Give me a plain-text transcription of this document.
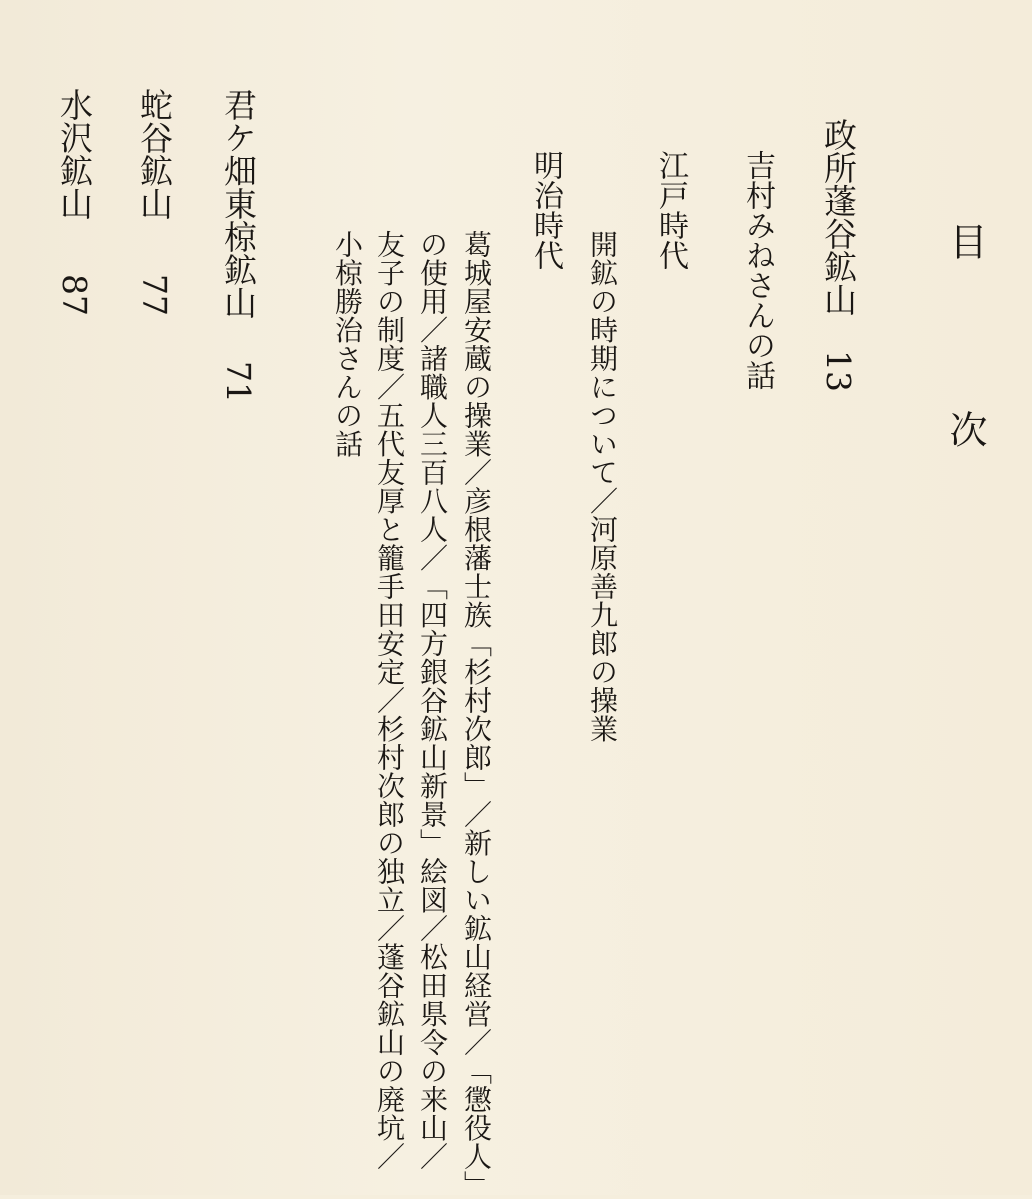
目次
政所蓬谷鉱山13
吉村みねさんの話
江戸時代
開鉱の時期について／河原善九郎の操業
明治時代
葛城屋安蔵の操業／彦根藩士族「杉村次郎」／新しい鉱山経営／「懲役人」
の使用／諸職人三百八人／「四方銀谷鉱山新景」絵図／松田県令の来山／
友子の制度／五代友厚と籠手田安定／杉村次郎の独立／蓬谷鉱山の廃坑／
小椋勝治さんの話
君ケ畑東椋鉱山71
蛇谷鉱山77
水沢鉱山87
